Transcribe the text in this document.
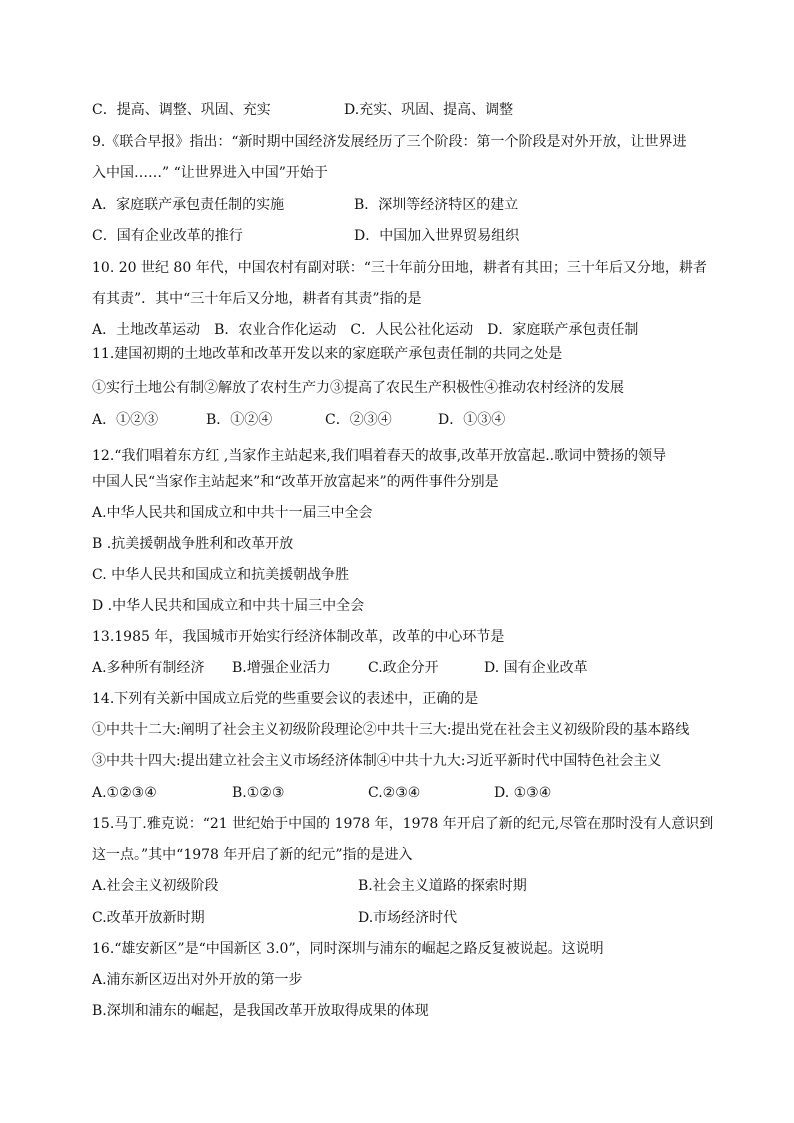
C．提高、调整、巩固、充实	D.充实、巩固、提高、调整
9.《联合早报》指出：“新时期中国经济发展经历了三个阶段：第一个阶段是对外开放，让世界进
入中国……” “让世界进入中国”开始于
A．家庭联产承包责任制的实施	B．深圳等经济特区的建立
C．国有企业改革的推行	D．中国加入世界贸易组织
10. 20 世纪 80 年代，中国农村有副对联：“三十年前分田地，耕者有其田；三十年后又分地，耕者
有其责”．其中“三十年后又分地，耕者有其责”指的是
A．土地改革运动　B．农业合作化运动　C．人民公社化运动　D．家庭联产承包责任制
11.建国初期的土地改革和改革开发以来的家庭联产承包责任制的共同之处是
①实行土地公有制②解放了农村生产力③提高了农民生产积极性④推动农村经济的发展
A．①②③	B．①②④	C．②③④	D．①③④
12.“我们唱着东方红 ,当家作主站起来,我们唱着春天的故事,改革开放富起..歌词中赞扬的领导
中国人民“当家作主站起来”和“改革开放富起来”的两件事件分别是
A.中华人民共和国成立和中共十一届三中全会
B .抗美援朝战争胜利和改革开放
C. 中华人民共和国成立和抗美援朝战争胜
D .中华人民共和国成立和中共十届三中全会
13.1985 年，我国城市开始实行经济体制改革，改革的中心环节是
A.多种所有制经济 B.增强企业活力	C.政企分开	D. 国有企业改革
14.下列有关新中国成立后党的些重要会议的表述中，正确的是
①中共十二大:阐明了社会主义初级阶段理论②中共十三大:提出党在社会主义初级阶段的基本路线
③中共十四大:提出建立社会主义市场经济体制④中共十九大:习近平新时代中国特色社会主义
A.①②③④	B.①②③	C.②③④	D. ①③④
15.马丁.雅克说：“21 世纪始于中国的 1978 年，1978 年开启了新的纪元,尽管在那时没有人意识到
这一点。”其中“1978 年开启了新的纪元”指的是进入
A.社会主义初级阶段	B.社会主义道路的探索时期
C.改革开放新时期	D.市场经济时代
16.“雄安新区”是“中国新区 3.0”，同时深圳与浦东的崛起之路反复被说起。这说明
A.浦东新区迈出对外开放的第一步
B.深圳和浦东的崛起，是我国改革开放取得成果的体现
